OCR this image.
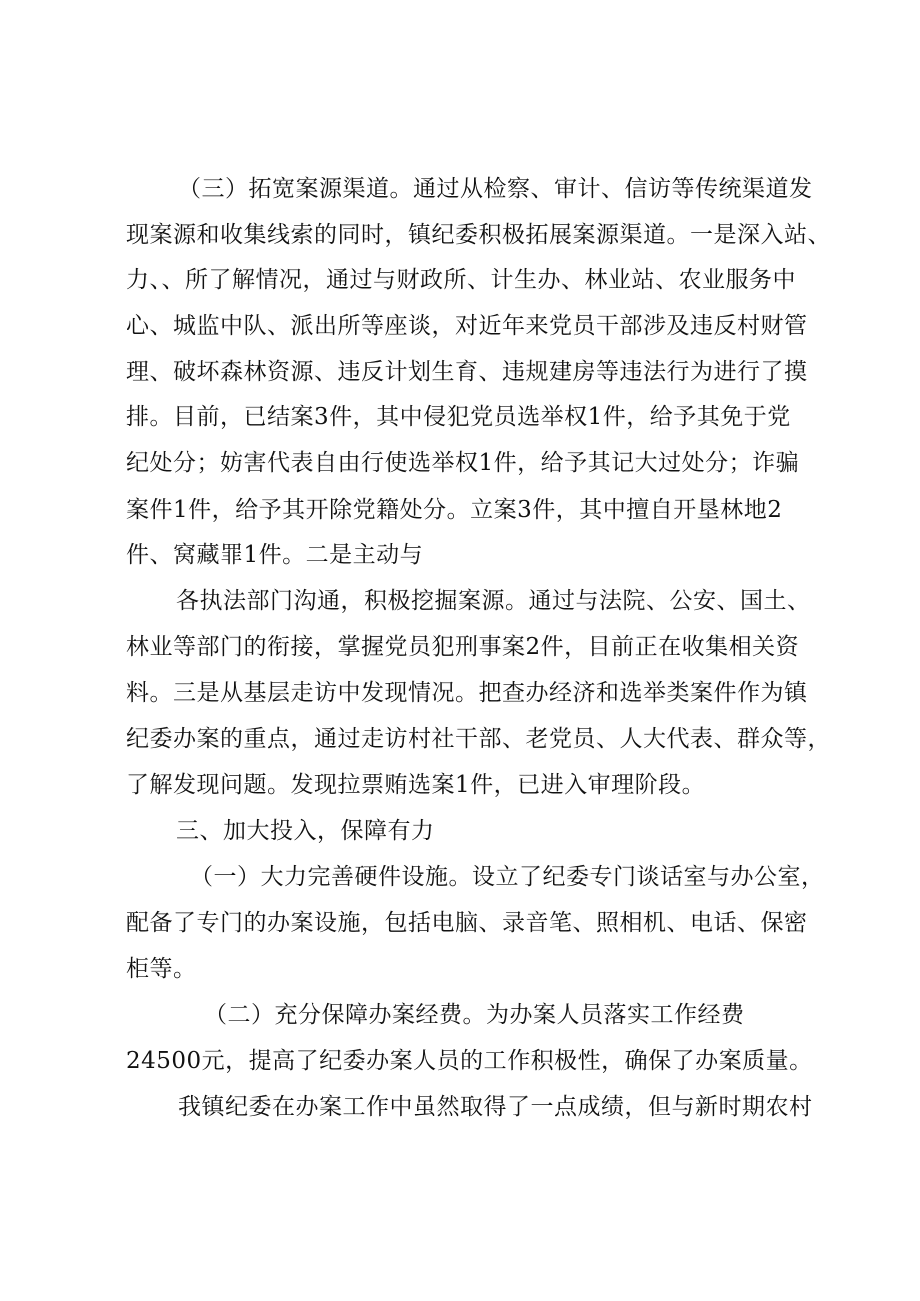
（三）拓宽案源渠道。通过从检察、审计、信访等传统渠道发

现案源和收集线索的同时，镇纪委积极拓展案源渠道。一是深入站、

力、、所了解情况，通过与财政所、计生办、林业站、农业服务中

心、城监中队、派出所等座谈，对近年来党员干部涉及违反村财管

理、破坏森林资源、违反计划生育、违规建房等违法行为进行了摸

排。目前，已结案3件，其中侵犯党员选举权1件，给予其免于党

纪处分；妨害代表自由行使选举权1件，给予其记大过处分；诈骗

案件1件，给予其开除党籍处分。立案3件，其中擅自开垦林地2

件、窝藏罪1件。二是主动与

各执法部门沟通，积极挖掘案源。通过与法院、公安、国土、

林业等部门的衔接，掌握党员犯刑事案2件，目前正在收集相关资

料。三是从基层走访中发现情况。把查办经济和选举类案件作为镇

纪委办案的重点，通过走访村社干部、老党员、人大代表、群众等，

了解发现问题。发现拉票贿选案1件，已进入审理阶段。

三、加大投入，保障有力

（一）大力完善硬件设施。设立了纪委专门谈话室与办公室，

配备了专门的办案设施，包括电脑、录音笔、照相机、电话、保密

柜等。

（二）充分保障办案经费。为办案人员落实工作经费

24500元，提高了纪委办案人员的工作积极性，确保了办案质量。

我镇纪委在办案工作中虽然取得了一点成绩，但与新时期农村
